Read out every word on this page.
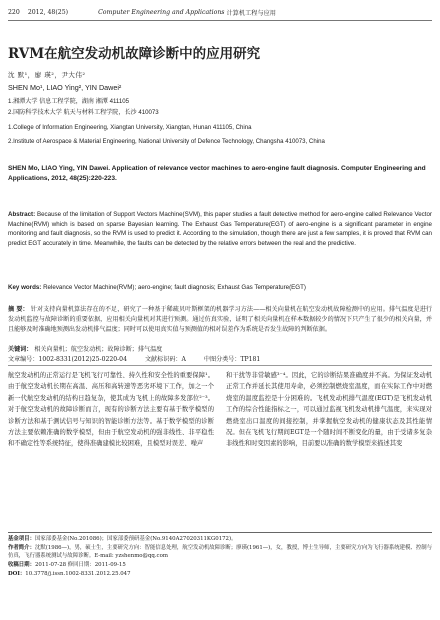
220 2012, 48(25)	Computer Engineering and Applications 计算机工程与应用
RVM在航空发动机故障诊断中的应用研究
沈 默¹，廖 瑛²，尹大伟²
SHEN Mo¹, LIAO Ying², YIN Dawei²
1.湘潭大学 信息工程学院，湖南 湘潭 411105
2.国防科学技术大学 航天与材料工程学院，长沙 410073
1.College of Information Engineering, Xiangtan University, Xiangtan, Hunan 411105, China
2.Institute of Aerospace & Material Engineering, National University of Defence Technology, Changsha 410073, China
SHEN Mo, LIAO Ying, YIN Dawei. Application of relevance vector machines to aero-engine fault diagnosis. Computer Engineering and Applications, 2012, 48(25):220-223.
Abstract: Because of the limitation of Support Vectors Machine(SVM), this paper studies a fault detective method for aero-engine called Relevance Vector Machine(RVM) which is based on sparse Bayesian learning. The Exhaust Gas Temperature(EGT) of aero-engine is a significant parameter in engine monitoring and fault diagnosis, so the RVM is used to predict it. According to the simulation, though there are just a few samples, it is proved that RVM can predict EGT accurately in time. Meanwhile, the faults can be detected by the relative errors between the real and the predictive.
Key words: Relevance Vector Machine(RVM); aero-engine; fault diagnosis; Exhaust Gas Temperature(EGT)
摘 要： 针对支持向量机算法存在的不足，研究了一种基于稀疏贝叶斯框架的机器学习方法——相关向量机在航空发动机故障检测中的应用。排气温度是进行发动机监控与故障诊断的重要依据，应用相关向量机对其进行预测。通过仿真实验，证明了相关向量机在样本数据较少的情况下只产生了很少的相关向量，并且能够及时准确地预测出发动机排气温度；同时可以使用真实值与预测值的相对误差作为系统是否发生故障的判断依据。
关键词： 相关向量机；航空发动机；故障诊断；排气温度
文章编号：1002-8331(2012)25-0220-04	文献标识码：A	中图分类号：TP181
航空发动机的正常运行是飞机飞行可靠性、持久性和安全性的重要保障¹。由于航空发动机长期在高温、高压和高转速等恶劣环境下工作，加之一个新一代航空发动机的结构日趋复杂，使其成为飞机上的故障多发部位²⁻³。对于航空发动机的故障诊断而言，现有的诊断方法主要有基于数学模型的诊断方法和基于测试信号与知识的智能诊断方法等。基于数学模型的诊断方法主要依赖准确的数学模型，但由于航空发动机的强非线性、非平稳性和不确定性等系统特征，使得准确建模比较困难，且模型对误差、噪声
和干扰等非常敏感³⁻⁴。因此，它的诊断结果准确度并不高。为保证发动机正常工作并延长其使用寿命，必须控制燃烧室温度，而在实际工作中对燃烧室的温度监控是十分困难的。飞机发动机排气温度(EGT)是飞机发动机工作的综合性能指标之一，可以通过监视飞机发动机排气温度，来实现对燃烧室出口温度的间接控制，并掌握航空发动机的健康状态及其性能情况。但在飞机飞行期间EGT是一个随时间不断变化的量，由于受诸多复杂非线性和时变因素的影响，目前要以准确的数学模型来描述其变
基金项目：国家部委基金(No.201086)；国家部委预研基金(No.9140A27020311KG0172)。
作者简介：沈默(1986—)，男，硕士生，主要研究方向：智能信息处理，航空发动机故障诊断；廖瑛(1961—)，女，教授，博士生导师，主要研究方向为飞行器系统建模、控制与仿真，飞行器系统测试与故障诊断。E-mail: yzshenmo@qq.com
收稿日期：2011-07-28 修回日期：2011-09-15
DOI：10.3778/j.issn.1002-8331.2012.25.047
